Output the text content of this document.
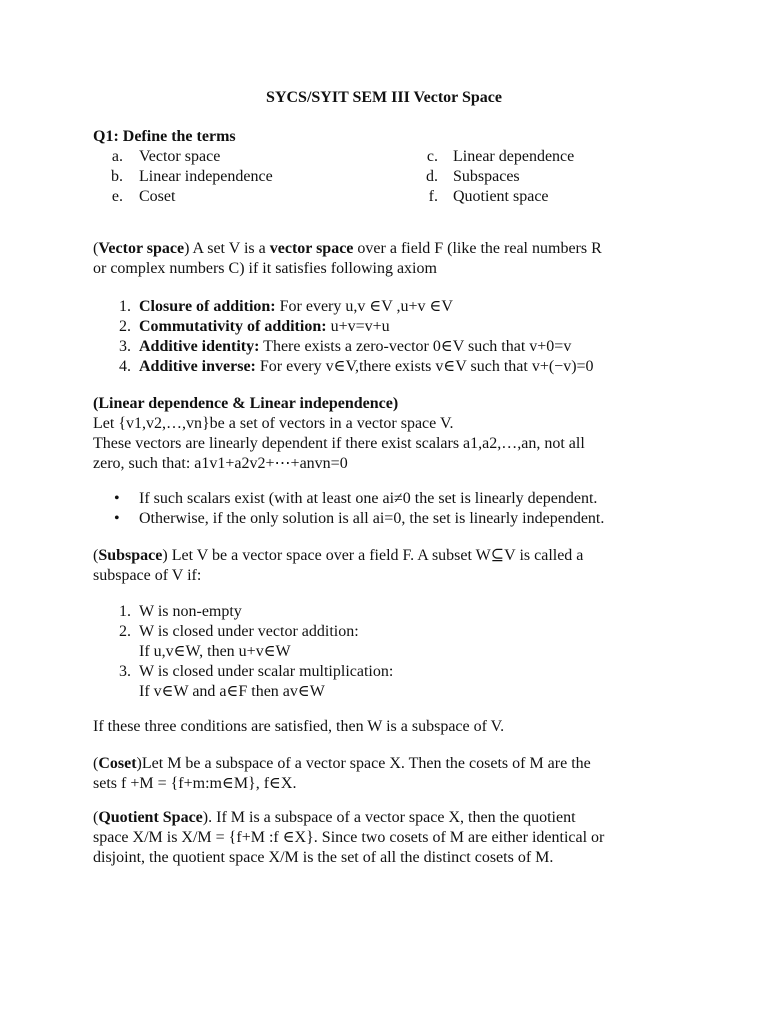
SYCS/SYIT SEM III Vector Space
Q1: Define the terms
a. Vector space	c. Linear dependence
b. Linear independence	d. Subspaces
e. Coset	f. Quotient space

(Vector space) A set V is a vector space over a field F (like the real numbers R

or complex numbers C) if it satisfies following axiom

1. Closure of addition: For every u,v ∈V ,u+v ∈V
2. Commutativity of addition: u+v=v+u
3. Additive identity: There exists a zero-vector 0∈V such that v+0=v
4. Additive inverse: For every v∈V,there exists v∈V such that v+(−v)=0

(Linear dependence & Linear independence)

Let {v1,v2,…,vn}be a set of vectors in a vector space V.

These vectors are linearly dependent if there exist scalars a1,a2,…,an, not all

zero, such that: a1v1+a2v2+⋯+anvn=0

• If such scalars exist (with at least one ai≠0 the set is linearly dependent.
• Otherwise, if the only solution is all ai=0, the set is linearly independent.

(Subspace) Let V be a vector space over a field F. A subset W⊆V is called a

subspace of V if:

1. W is non-empty
2. W is closed under vector addition:
If u,v∈W, then u+v∈W
3. W is closed under scalar multiplication:
If v∈W and a∈F then av∈W
If these three conditions are satisfied, then W is a subspace of V.

(Coset)Let M be a subspace of a vector space X. Then the cosets of M are the

sets f +M = {f+m:m∈M}, f∈X.

(Quotient Space). If M is a subspace of a vector space X, then the quotient

space X/M is X/M = {f+M :f ∈X}. Since two cosets of M are either identical or

disjoint, the quotient space X/M is the set of all the distinct cosets of M.
